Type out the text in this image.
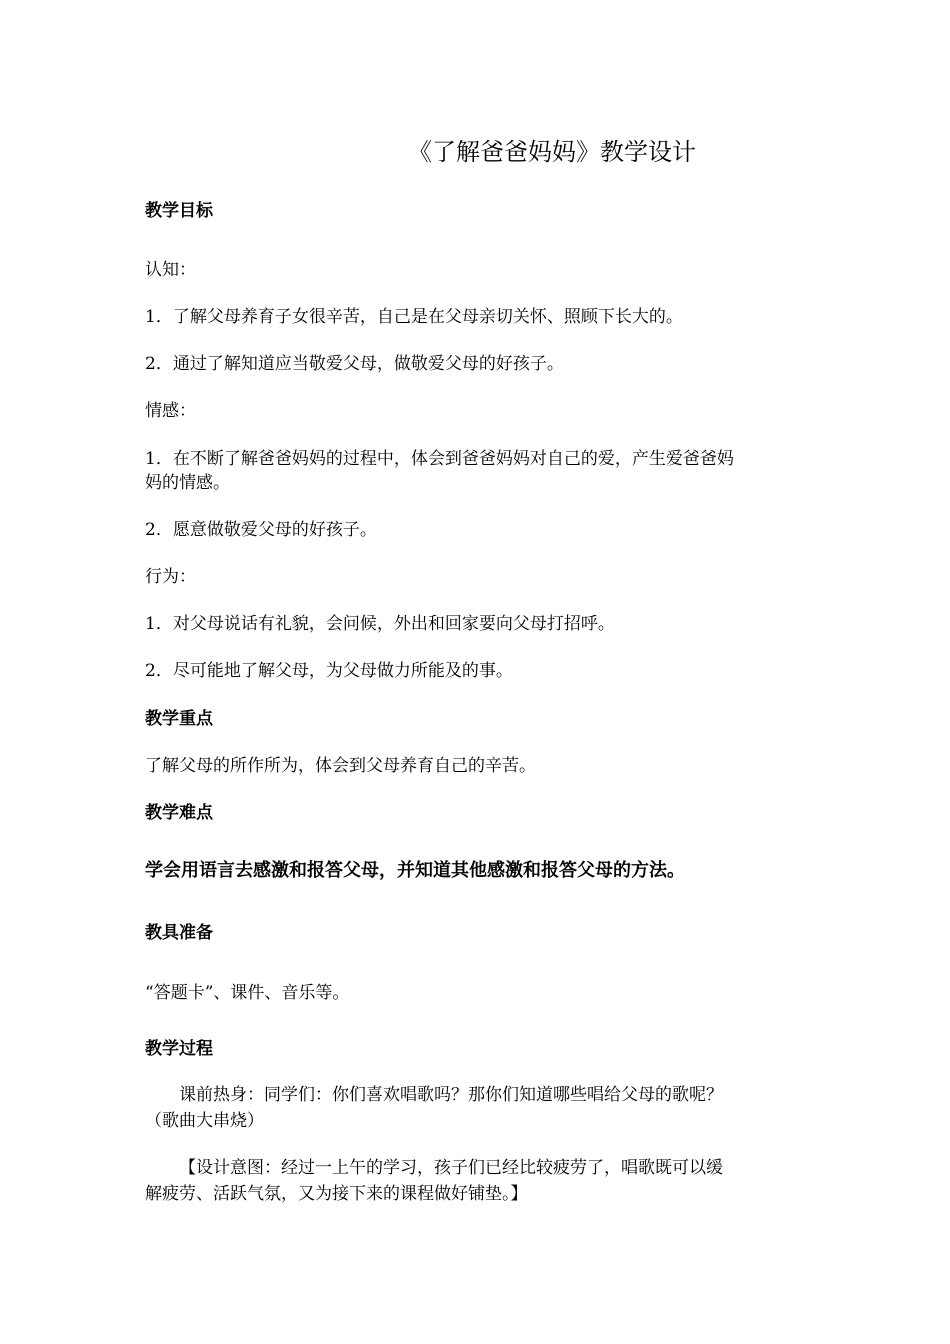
《了解爸爸妈妈》教学设计
教学目标
认知：
1．了解父母养育子女很辛苦，自己是在父母亲切关怀、照顾下长大的。
2．通过了解知道应当敬爱父母，做敬爱父母的好孩子。
情感：
1．在不断了解爸爸妈妈的过程中，体会到爸爸妈妈对自己的爱，产生爱爸爸妈
妈的情感。
2．愿意做敬爱父母的好孩子。
行为：
1．对父母说话有礼貌，会问候，外出和回家要向父母打招呼。
2．尽可能地了解父母，为父母做力所能及的事。
教学重点
了解父母的所作所为，体会到父母养育自己的辛苦。
教学难点
学会用语言去感激和报答父母，并知道其他感激和报答父母的方法。
教具准备
“答题卡”、课件、音乐等。
教学过程
课前热身：同学们：你们喜欢唱歌吗？那你们知道哪些唱给父母的歌呢？
（歌曲大串烧）
【设计意图：经过一上午的学习，孩子们已经比较疲劳了，唱歌既可以缓
解疲劳、活跃气氛，又为接下来的课程做好铺垫。】
